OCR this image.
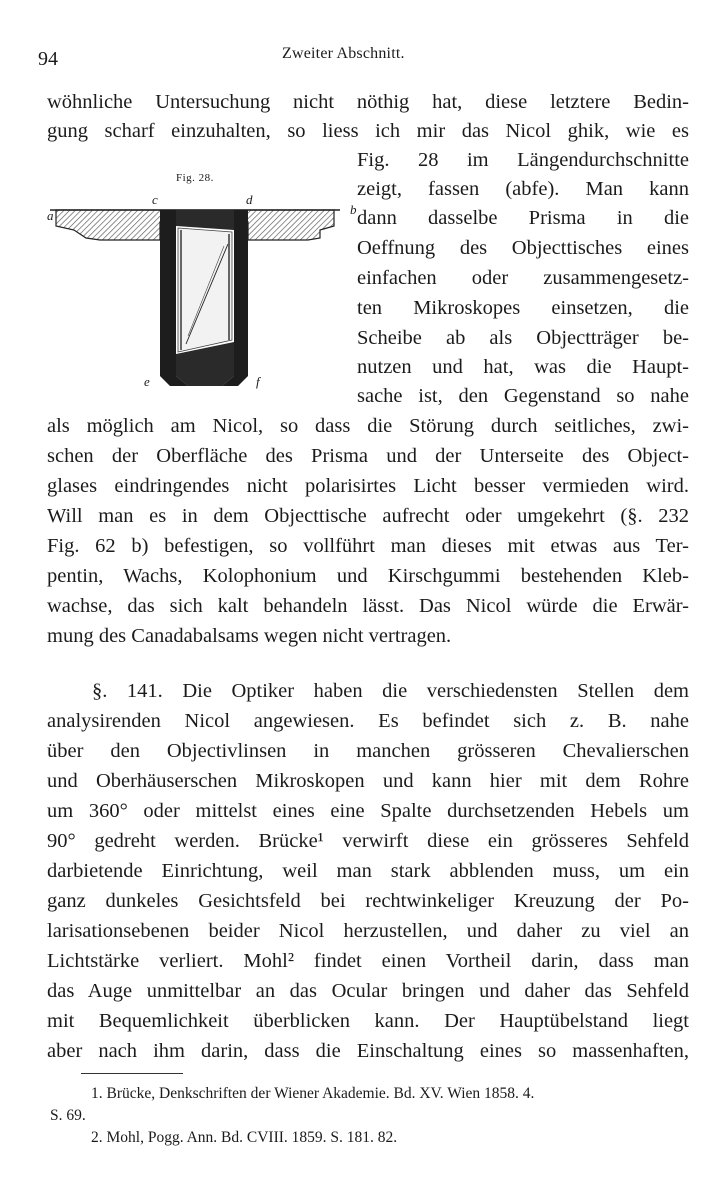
94	Zweiter Abschnitt.
wöhnliche Untersuchung nicht nöthig hat, diese letztere Bedin-
gung scharf einzuhalten, so liess ich mir das Nicol ghik, wie es
Fig. 28 im Längendurchschnitte
zeigt, fassen (abfe). Man kann
dann dasselbe Prisma in die
Oeffnung des Objecttisches eines
einfachen oder zusammengesetz-
ten Mikroskopes einsetzen, die
Scheibe ab als Objectträger be-
nutzen und hat, was die Haupt-
sache ist, den Gegenstand so nahe
als möglich am Nicol, so dass die Störung durch seitliches, zwi-
schen der Oberfläche des Prisma und der Unterseite des Object-
glases eindringendes nicht polarisirtes Licht besser vermieden wird.
Will man es in dem Objecttische aufrecht oder umgekehrt (§. 232
Fig. 62 b) befestigen, so vollführt man dieses mit etwas aus Ter-
pentin, Wachs, Kolophonium und Kirschgummi bestehenden Kleb-
wachse, das sich kalt behandeln lässt. Das Nicol würde die Erwär-
mung des Canadabalsams wegen nicht vertragen.
§. 141. Die Optiker haben die verschiedensten Stellen dem
analysirenden Nicol angewiesen. Es befindet sich z. B. nahe
über den Objectivlinsen in manchen grösseren Chevalierschen
und Oberhäuserschen Mikroskopen und kann hier mit dem Rohre
um 360° oder mittelst eines eine Spalte durchsetzenden Hebels um
90° gedreht werden. Brücke¹ verwirft diese ein grösseres Sehfeld
darbietende Einrichtung, weil man stark abblenden muss, um ein
ganz dunkeles Gesichtsfeld bei rechtwinkeliger Kreuzung der Po-
larisationsebenen beider Nicol herzustellen, und daher zu viel an
Lichtstärke verliert. Mohl² findet einen Vortheil darin, dass man
das Auge unmittelbar an das Ocular bringen und daher das Sehfeld
mit Bequemlichkeit überblicken kann. Der Hauptübelstand liegt
aber nach ihm darin, dass die Einschaltung eines so massenhaften,
Fig. 28.
a	b
c	d
e	f
1. Brücke, Denkschriften der Wiener Akademie. Bd. XV. Wien 1858. 4.
S. 69.
2. Mohl, Pogg. Ann. Bd. CVIII. 1859. S. 181. 82.
